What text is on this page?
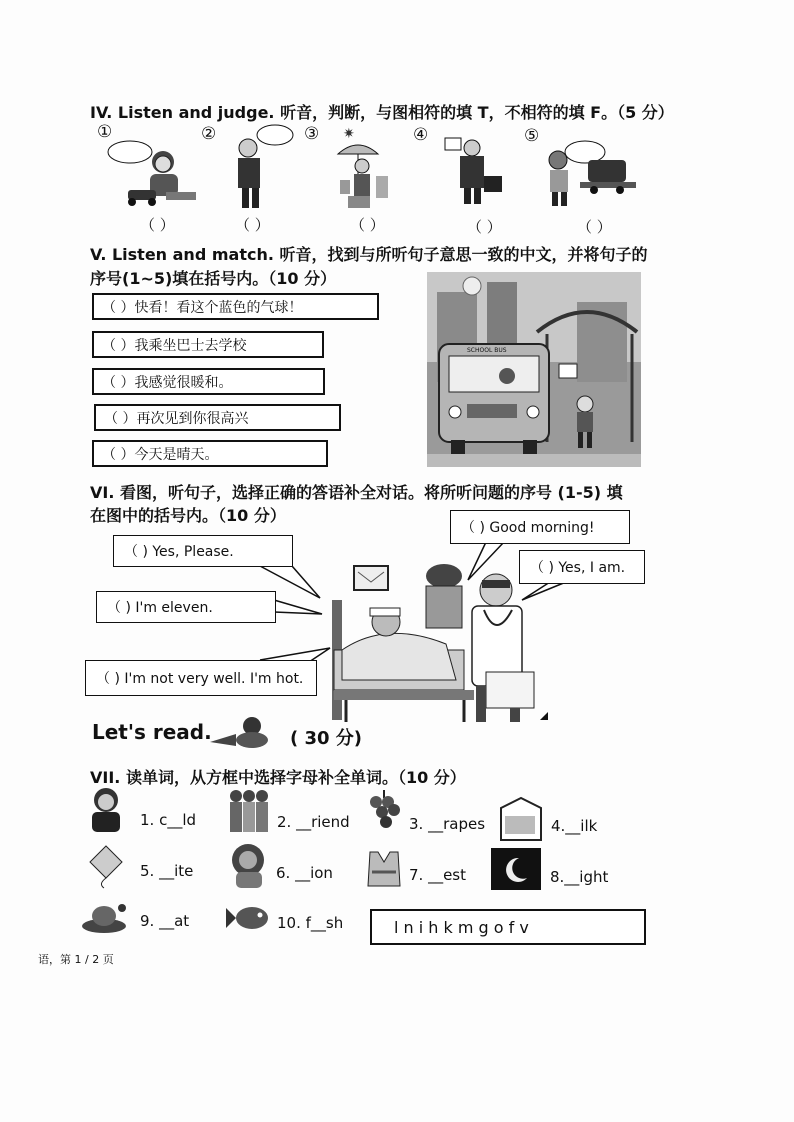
IV. Listen and judge. 听音，判断，与图相符的填 T，不相符的填 F。（5 分）
①	②	③	④	⑤
✷
（ ）	（ ）	（ ）	（ ）	（ ）
V. Listen and match. 听音，找到与所听句子意思一致的中文，并将句子的
序号(1~5)填在括号内。（10 分）
（ ）快看！看这个蓝色的气球！
（ ）我乘坐巴士去学校
（ ）我感觉很暖和。
（ ）再次见到你很高兴
（ ）今天是晴天。
SCHOOL BUS
VI. 看图，听句子，选择正确的答语补全对话。将所听问题的序号 (1-5) 填
在图中的括号内。（10 分）
（ ) Yes, Please.
（ ) I'm eleven.
（ ) I'm not very well. I'm hot.
（ ) Good morning!
（ ) Yes, I am.
Let's read.	( 30 分)
VII. 读单词，从方框中选择字母补全单词。（10 分）
1. c__ld	2. __riend	3. __rapes	4.__ilk
5. __ite	6. __ion	7. __est	8.__ight
9. __at	10. f__sh	l n i h k m g o f v
语，第 1 / 2 页
